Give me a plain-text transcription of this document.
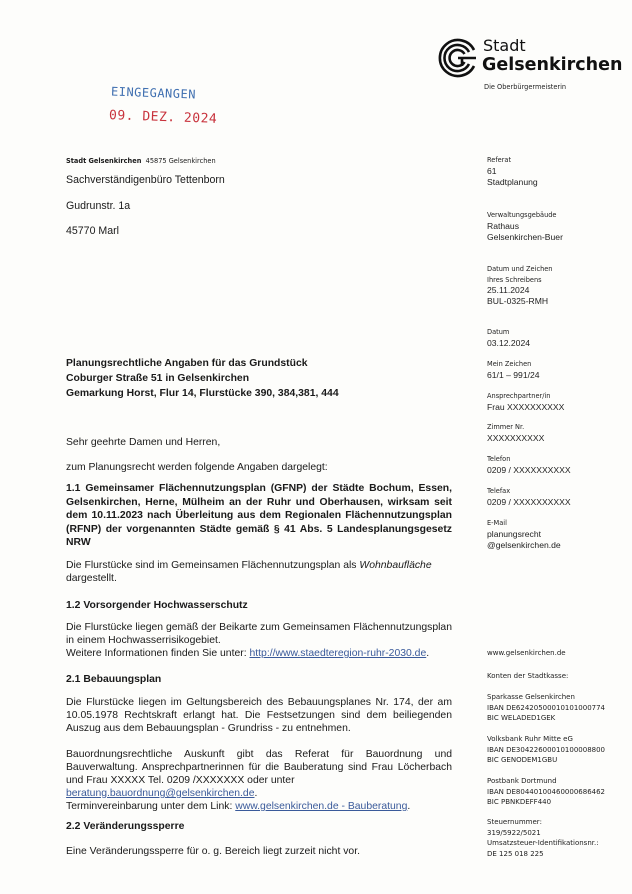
Stadt
Gelsenkirchen
Die Oberbürgermeisterin
EINGEGANGEN
09. DEZ. 2024
Stadt Gelsenkirchen 45875 Gelsenkirchen
Sachverständigenbüro Tettenborn
Gudrunstr. 1a
45770 Marl
Referat
61
Stadtplanung
Verwaltungsgebäude
Rathaus
Gelsenkirchen-Buer
Datum und Zeichen
Ihres Schreibens
25.11.2024
BUL-0325-RMH
Datum
03.12.2024
Mein Zeichen
61/1 – 991/24
Ansprechpartner/in
Frau XXXXXXXXXX
Zimmer Nr.
XXXXXXXXXX
Telefon
0209 / XXXXXXXXXX
Telefax
0209 / XXXXXXXXXX
E-Mail
planungsrecht
@gelsenkirchen.de
www.gelsenkirchen.de
Konten der Stadtkasse:
Sparkasse Gelsenkirchen
IBAN DE62420500010101000774
BIC WELADED1GEK
Volksbank Ruhr Mitte eG
IBAN DE30422600010100008800
BIC GENODEM1GBU
Postbank Dortmund
IBAN DE80440100460000686462
BIC PBNKDEFF440
Steuernummer:
319/5922/5021
Umsatzsteuer-Identifikationsnr.:
DE 125 018 225
Planungsrechtliche Angaben für das Grundstück
Coburger Straße 51 in Gelsenkirchen
Gemarkung Horst, Flur 14, Flurstücke 390, 384,381, 444
Sehr geehrte Damen und Herren,
zum Planungsrecht werden folgende Angaben dargelegt:
1.1 Gemeinsamer Flächennutzungsplan (GFNP) der Städte Bochum, Essen, Gelsenkirchen, Herne, Mülheim an der Ruhr und Oberhausen, wirksam seit dem 10.11.2023 nach Überleitung aus dem Regionalen Flächennutzungsplan (RFNP) der vorgenannten Städte gemäß § 41 Abs. 5 Landesplanungsgesetz NRW
Die Flurstücke sind im Gemeinsamen Flächennutzungsplan als Wohnbaufläche dargestellt.
1.2 Vorsorgender Hochwasserschutz
Die Flurstücke liegen gemäß der Beikarte zum Gemeinsamen Flächennutzungsplan in einem Hochwasserrisikogebiet.
Weitere Informationen finden Sie unter: http://www.staedteregion-ruhr-2030.de.
2.1 Bebauungsplan
Die Flurstücke liegen im Geltungsbereich des Bebauungsplanes Nr. 174, der am 10.05.1978 Rechtskraft erlangt hat. Die Festsetzungen sind dem beiliegenden Auszug aus dem Bebauungsplan - Grundriss - zu entnehmen.
Bauordnungsrechtliche Auskunft gibt das Referat für Bauordnung und Bauverwaltung. Ansprechpartnerinnen für die Bauberatung sind Frau Löcherbach und Frau XXXXX Tel. 0209 /XXXXXXX oder unter
beratung.bauordnung@gelsenkirchen.de.
Terminvereinbarung unter dem Link: www.gelsenkirchen.de - Bauberatung.
2.2 Veränderungssperre
Eine Veränderungssperre für o. g. Bereich liegt zurzeit nicht vor.
